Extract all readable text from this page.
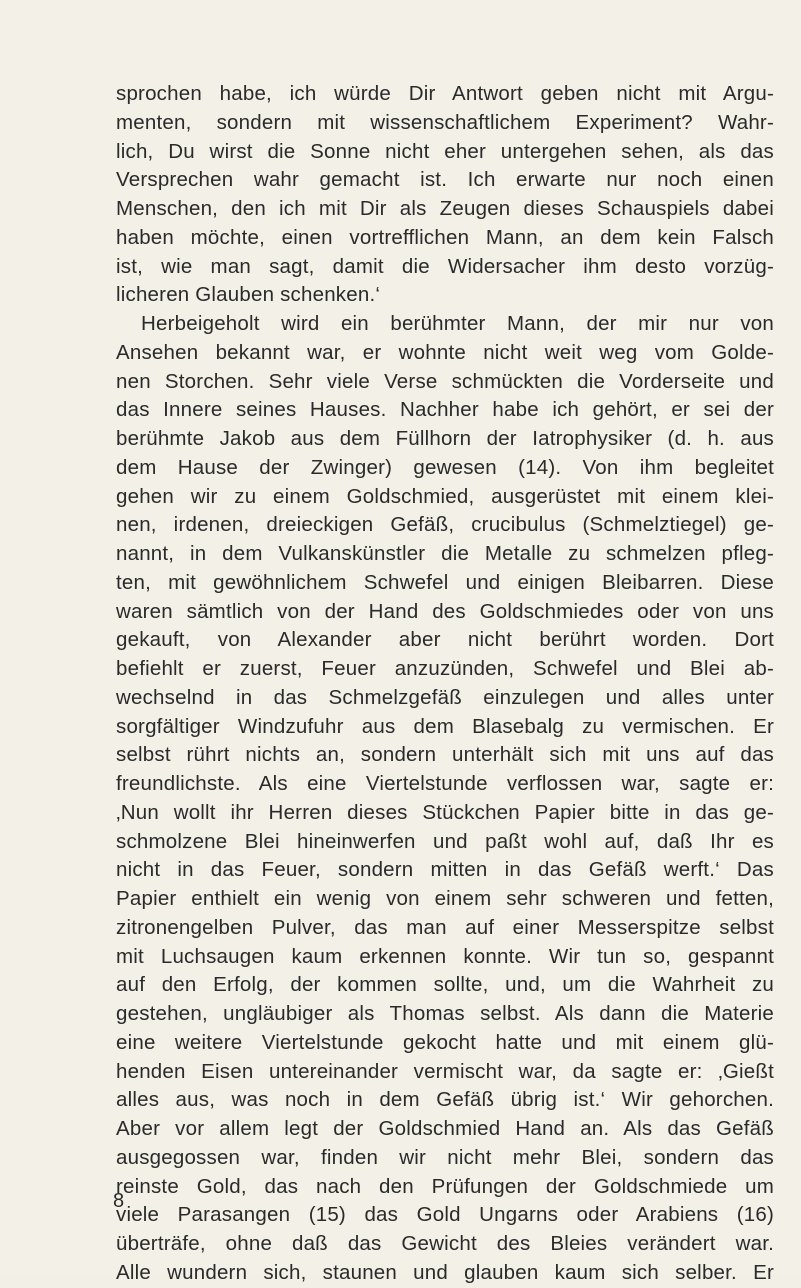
sprochen habe, ich würde Dir Antwort geben nicht mit Argu-
menten, sondern mit wissenschaftlichem Experiment? Wahr-
lich, Du wirst die Sonne nicht eher untergehen sehen, als das
Versprechen wahr gemacht ist. Ich erwarte nur noch einen
Menschen, den ich mit Dir als Zeugen dieses Schauspiels dabei
haben möchte, einen vortrefflichen Mann, an dem kein Falsch
ist, wie man sagt, damit die Widersacher ihm desto vorzüg-
licheren Glauben schenken.‘
Herbeigeholt wird ein berühmter Mann, der mir nur von
Ansehen bekannt war, er wohnte nicht weit weg vom Golde-
nen Storchen. Sehr viele Verse schmückten die Vorderseite und
das Innere seines Hauses. Nachher habe ich gehört, er sei der
berühmte Jakob aus dem Füllhorn der Iatrophysiker (d. h. aus
dem Hause der Zwinger) gewesen (14). Von ihm begleitet
gehen wir zu einem Goldschmied, ausgerüstet mit einem klei-
nen, irdenen, dreieckigen Gefäß, crucibulus (Schmelztiegel) ge-
nannt, in dem Vulkanskünstler die Metalle zu schmelzen pfleg-
ten, mit gewöhnlichem Schwefel und einigen Bleibarren. Diese
waren sämtlich von der Hand des Goldschmiedes oder von uns
gekauft, von Alexander aber nicht berührt worden. Dort
befiehlt er zuerst, Feuer anzuzünden, Schwefel und Blei ab-
wechselnd in das Schmelzgefäß einzulegen und alles unter
sorgfältiger Windzufuhr aus dem Blasebalg zu vermischen. Er
selbst rührt nichts an, sondern unterhält sich mit uns auf das
freundlichste. Als eine Viertelstunde verflossen war, sagte er:
‚Nun wollt ihr Herren dieses Stückchen Papier bitte in das ge-
schmolzene Blei hineinwerfen und paßt wohl auf, daß Ihr es
nicht in das Feuer, sondern mitten in das Gefäß werft.‘ Das
Papier enthielt ein wenig von einem sehr schweren und fetten,
zitronengelben Pulver, das man auf einer Messerspitze selbst
mit Luchsaugen kaum erkennen konnte. Wir tun so, gespannt
auf den Erfolg, der kommen sollte, und, um die Wahrheit zu
gestehen, ungläubiger als Thomas selbst. Als dann die Materie
eine weitere Viertelstunde gekocht hatte und mit einem glü-
henden Eisen untereinander vermischt war, da sagte er: ‚Gießt
alles aus, was noch in dem Gefäß übrig ist.‘ Wir gehorchen.
Aber vor allem legt der Goldschmied Hand an. Als das Gefäß
ausgegossen war, finden wir nicht mehr Blei, sondern das
reinste Gold, das nach den Prüfungen der Goldschmiede um
viele Parasangen (15) das Gold Ungarns oder Arabiens (16)
überträfe, ohne daß das Gewicht des Bleies verändert war.
Alle wundern sich, staunen und glauben kaum sich selber. Er
8
